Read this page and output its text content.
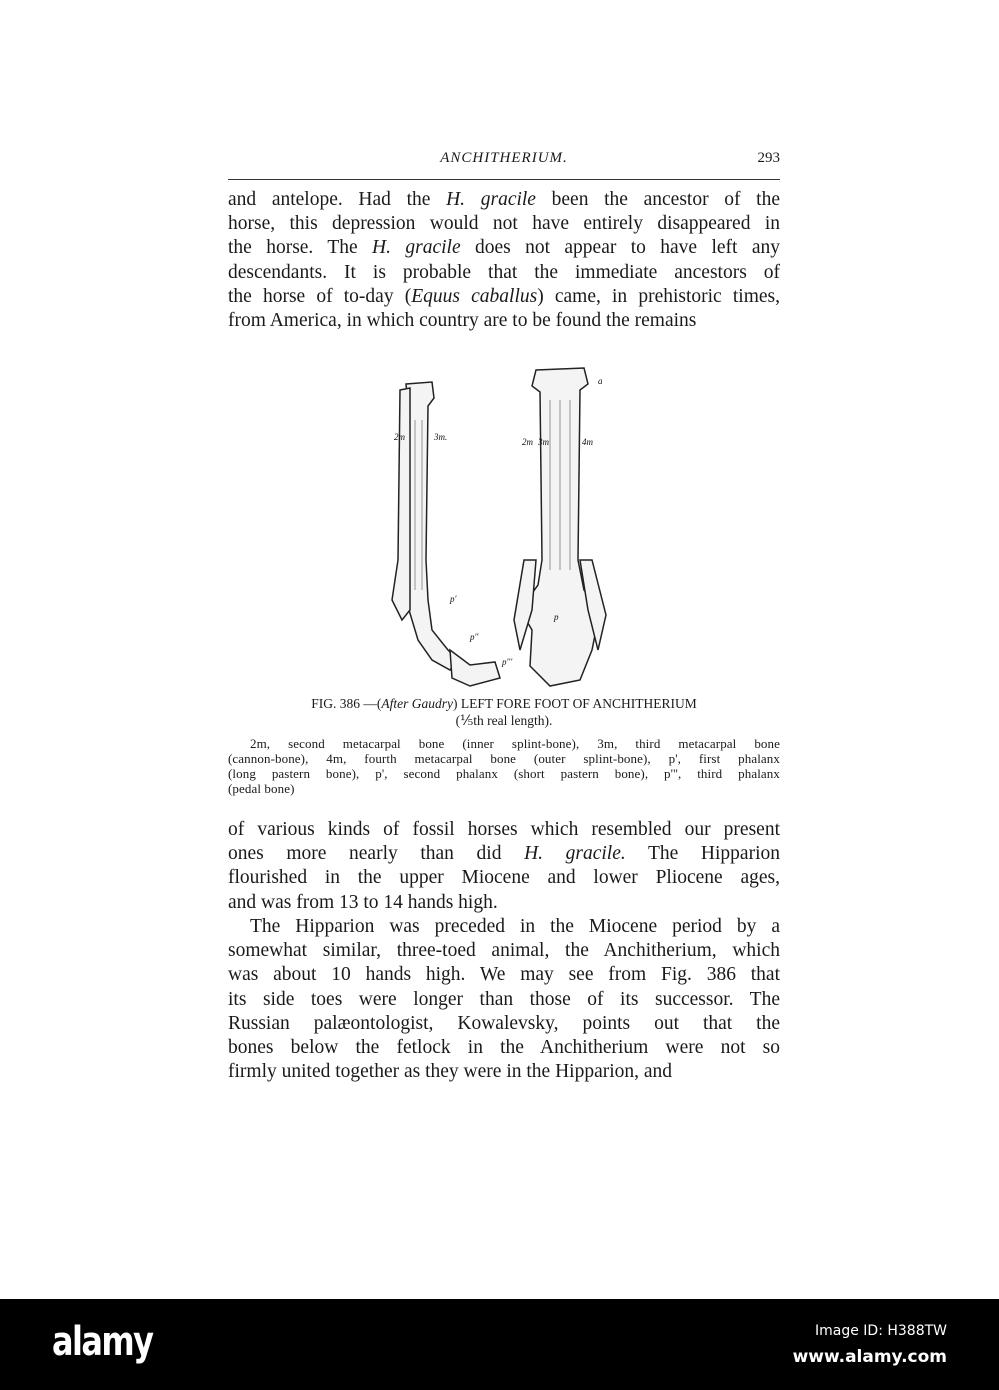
ANCHITHERIUM.	293
and antelope. Had the H. gracile been the ancestor of the
horse, this depression would not have entirely disappeared in
the horse. The H. gracile does not appear to have left any
descendants. It is probable that the immediate ancestors of
the horse of to-day (Equus caballus) came, in prehistoric times,
from America, in which country are to be found the remains
2m	3m.	2m 3m	4m
a
p'
p''
p'''
p
FIG. 386 —(After Gaudry) LEFT FORE FOOT OF ANCHITHERIUM
(⅕th real length).
2m, second metacarpal bone (inner splint-bone), 3m, third metacarpal bone
(cannon-bone), 4m, fourth metacarpal bone (outer splint-bone), p', first phalanx
(long pastern bone), p', second phalanx (short pastern bone), p''', third phalanx
(pedal bone)
of various kinds of fossil horses which resembled our present
ones more nearly than did H. gracile. The Hipparion
flourished in the upper Miocene and lower Pliocene ages,
and was from 13 to 14 hands high.
The Hipparion was preceded in the Miocene period by a
somewhat similar, three-toed animal, the Anchitherium, which
was about 10 hands high. We may see from Fig. 386 that
its side toes were longer than those of its successor. The
Russian palæontologist, Kowalevsky, points out that the
bones below the fetlock in the Anchitherium were not so
firmly united together as they were in the Hipparion, and
alamy	Image ID: H388TW
www.alamy.com
